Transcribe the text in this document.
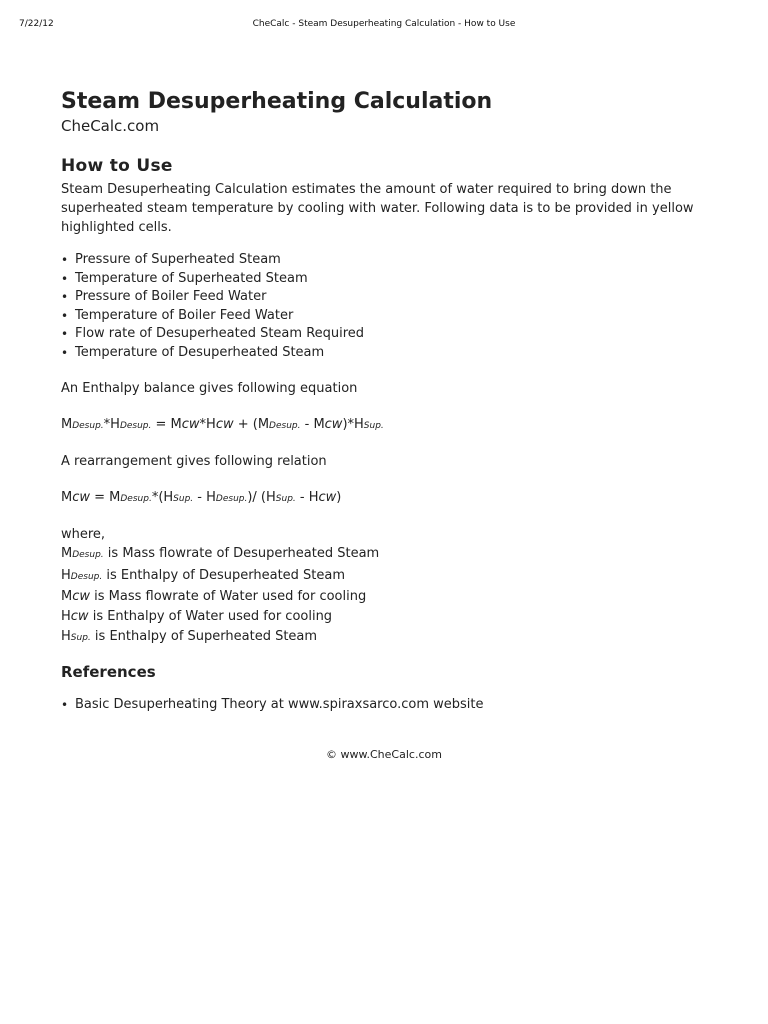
7/22/12	CheCalc - Steam Desuperheating Calculation - How to Use
Steam Desuperheating Calculation
CheCalc.com
How to Use

Steam Desuperheating Calculation estimates the amount of water required to bring down the superheated steam temperature by cooling with water. Following data is to be provided in yellow highlighted cells.

• Pressure of Superheated Steam
• Temperature of Superheated Steam
• Pressure of Boiler Feed Water
• Temperature of Boiler Feed Water
• Flow rate of Desuperheated Steam Required
• Temperature of Desuperheated Steam

An Enthalpy balance gives following equation

MDesup.*HDesup. = Mcw*Hcw + (MDesup. - Mcw)*HSup.

A rearrangement gives following relation

Mcw = MDesup.*(HSup. - HDesup.)/ (HSup. - Hcw)

where,

MDesup. is Mass flowrate of Desuperheated Steam

HDesup. is Enthalpy of Desuperheated Steam

Mcw is Mass flowrate of Water used for cooling

Hcw is Enthalpy of Water used for cooling

HSup. is Enthalpy of Superheated Steam

References
• Basic Desuperheating Theory at www.spiraxsarco.com website
© www.CheCalc.com
